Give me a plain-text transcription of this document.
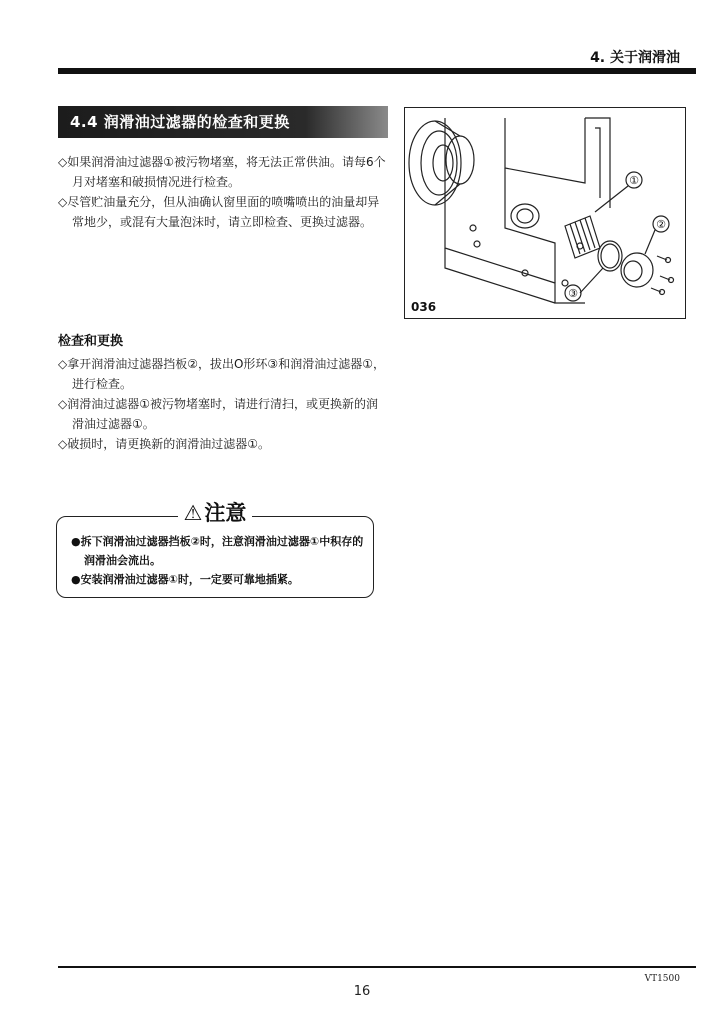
4. 关于润滑油
4.4 润滑油过滤器的检查和更换

◇如果润滑油过滤器①被污物堵塞，将无法正常供油。请每6个月对堵塞和破损情况进行检查。

◇尽管贮油量充分，但从油确认窗里面的喷嘴喷出的油量却异常地少，或混有大量泡沫时，请立即检查、更换过滤器。

①
②
③
036
检查和更换

◇拿开润滑油过滤器挡板②，拔出O形环③和润滑油过滤器①，进行检查。

◇润滑油过滤器①被污物堵塞时，请进行清扫，或更换新的润滑油过滤器①。

◇破损时，请更换新的润滑油过滤器①。

⚠注意

●拆下润滑油过滤器挡板②时，注意润滑油过滤器①中积存的润滑油会流出。

●安装润滑油过滤器①时，一定要可靠地插紧。

VT1500
16
